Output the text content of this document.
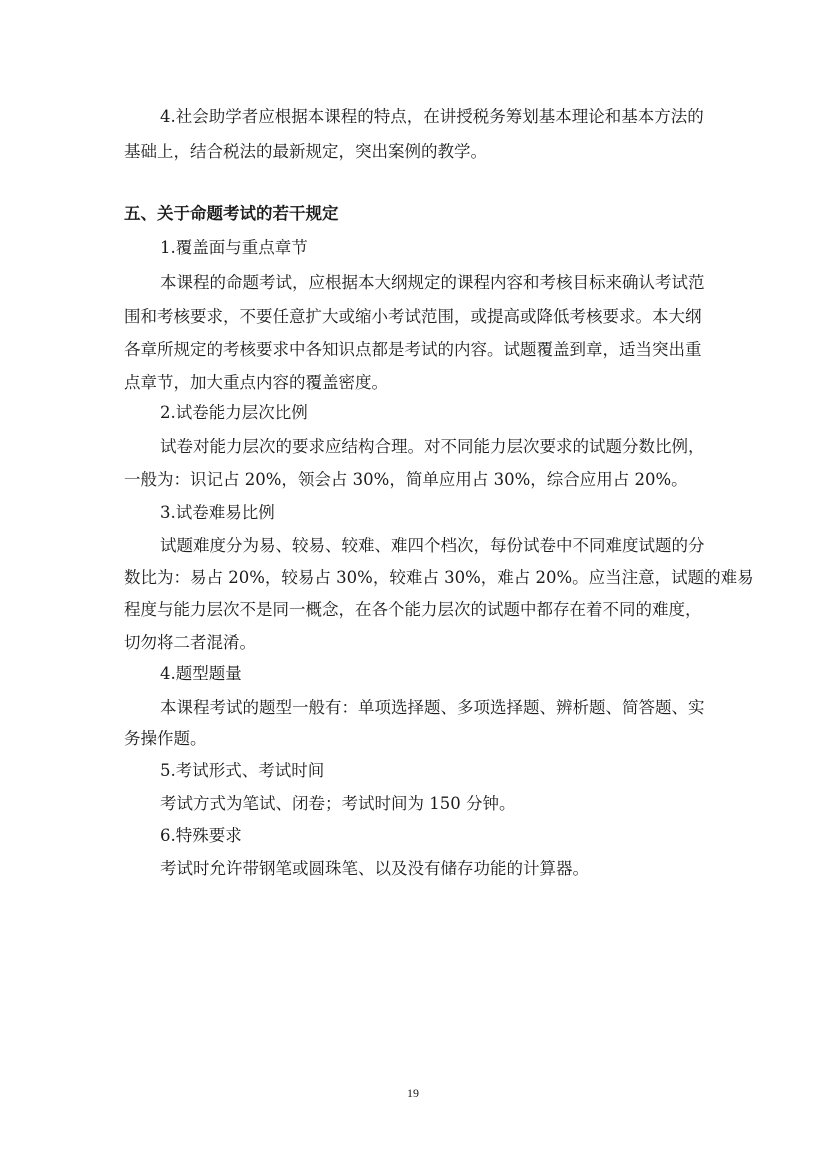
4.社会助学者应根据本课程的特点，在讲授税务筹划基本理论和基本方法的
基础上，结合税法的最新规定，突出案例的教学。
五、关于命题考试的若干规定
1.覆盖面与重点章节
本课程的命题考试，应根据本大纲规定的课程内容和考核目标来确认考试范
围和考核要求，不要任意扩大或缩小考试范围，或提高或降低考核要求。本大纲
各章所规定的考核要求中各知识点都是考试的内容。试题覆盖到章，适当突出重
点章节，加大重点内容的覆盖密度。
2.试卷能力层次比例
试卷对能力层次的要求应结构合理。对不同能力层次要求的试题分数比例，
一般为：识记占 20%，领会占 30%，简单应用占 30%，综合应用占 20%。
3.试卷难易比例
试题难度分为易、较易、较难、难四个档次，每份试卷中不同难度试题的分
数比为：易占 20%，较易占 30%，较难占 30%，难占 20%。应当注意，试题的难易
程度与能力层次不是同一概念，在各个能力层次的试题中都存在着不同的难度，
切勿将二者混淆。
4.题型题量
本课程考试的题型一般有：单项选择题、多项选择题、辨析题、简答题、实
务操作题。
5.考试形式、考试时间
考试方式为笔试、闭卷；考试时间为 150 分钟。
6.特殊要求
考试时允许带钢笔或圆珠笔、以及没有储存功能的计算器。
19
